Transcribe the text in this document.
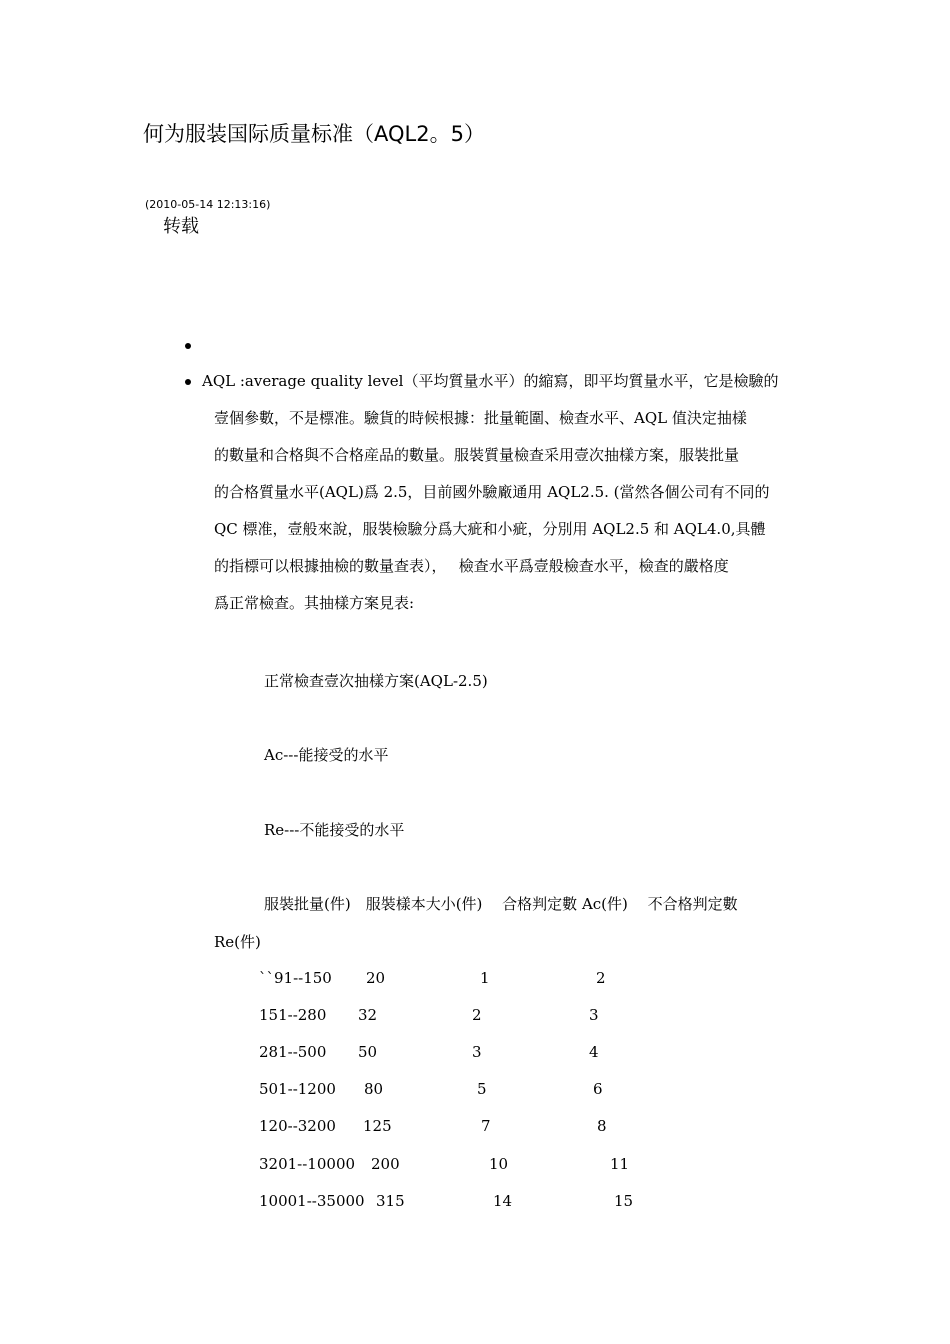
何为服装国际质量标准（AQL2。5）
(2010-05-14 12:13:16)
转载
AQL :average quality level（平均質量水平）的縮寫，即平均質量水平，它是檢驗的
壹個參數，不是標准。驗貨的時候根據：批量範圍、檢查水平、AQL 值決定抽樣
的數量和合格與不合格産品的數量。服裝質量檢查采用壹次抽樣方案，服裝批量
的合格質量水平(AQL)爲 2.5，目前國外驗廠通用 AQL2.5. (當然各個公司有不同的
QC 標准，壹般來說，服裝檢驗分爲大疵和小疵，分別用 AQL2.5 和 AQL4.0,具體
的指標可以根據抽檢的數量查表），　 檢查水平爲壹般檢查水平，檢查的嚴格度
爲正常檢查。其抽樣方案見表:
正常檢查壹次抽樣方案(AQL-2.5)
Ac---能接受的水平
Re---不能接受的水平
服裝批量(件)　服裝樣本大小(件)　 合格判定數 Ac(件)　 不合格判定數
Re(件)
``91--150 20	1	2
151--280 32	2	3
281--500 50	3	4
501--1200 80	5	6
120--3200 125	7	8
3201--10000 200	10	11
10001--35000 315	14	15
